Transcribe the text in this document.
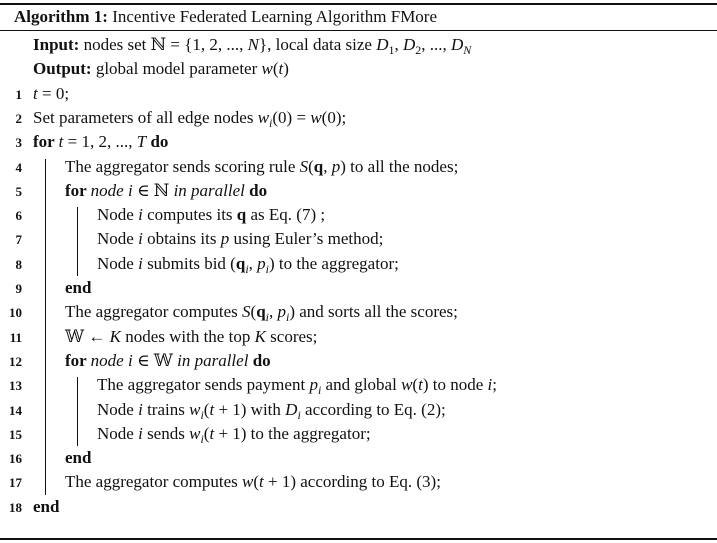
Algorithm 1: Incentive Federated Learning Algorithm FMore
Input: nodes set ℕ = {1, 2, ..., N}, local data size $D_1$, $D_2$, ..., $D_N$
Output: global model parameter w(t)
1 t = 0;
2 Set parameters of all edge nodes $w_i(0) = w(0)$;
3 for t = 1, 2, ..., T do
4	The aggregator sends scoring rule S(q, p) to all the nodes;
5	for node i ∈ ℕ in parallel do
6	Node i computes its q as Eq. (7) ;
7	Node i obtains its p using Euler’s method;
8	Node i submits bid ($q_i$, $p_i$) to the aggregator;
9	end
10	The aggregator computes $S(q_i$, $p_i$) and sorts all the scores;
11	𝕎 ← K nodes with the top K scores;
12	for node i ∈ 𝕎 in parallel do
13	The aggregator sends payment $p_i$ and global w(t) to node i;
14	Node i trains $w_i(t + 1)$ with $D_i$ according to Eq. (2);
15	Node i sends $w_i(t + 1)$ to the aggregator;
16	end
17	The aggregator computes w(t + 1) according to Eq. (3);
18 end
